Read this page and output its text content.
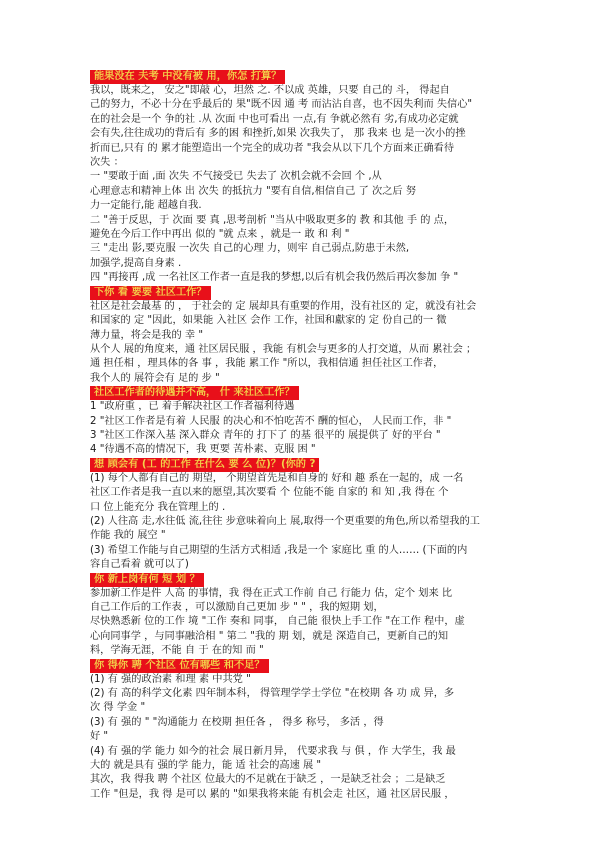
能果没在 夫考 中没有被 用，你怎 打算？
我以，既来之， 安之"即敲 心，坦然 之. 不以成 英雄，只要 自己的 斗， 得起自
己的努力，不必十分在乎最后的 果"既不因 通 考 而沾沾自喜，也不因失利而 失信心"
在的社会是一个 争的社 .从 次面 中也可看出 一点,有 争就必然有 劣,有成功必定就
会有失,往往成功的背后有 多的困 和挫折,如果 次我失了， 那 我来 也 是一次小的挫
折而已,只有 的 累才能塑造出一个完全的成功者 "我会从以下几个方面来正确看待
次失 ：
一 "要敢于面 ,面 次失 不气接受已 失去了 次机会就不会回 个 ,从
心理意志和精神上体 出 次失 的抵抗力 "要有自信,相信自己 了 次之后 努
力一定能行,能 超越自我.
二 "善于反思，于 次面 要 真 ,思考剖析 "当从中吸取更多的 教 和其他 手 的 点，
避免在今后工作中再出 似的 "就 点来 ，就是一 敢 和 利 "
三 "走出 影,要克服 一次失 自己的心理 力，则牢 自己弱点,防患于未然,
加强学,提高自身素 .
四 "再接再 ,成 一名社区工作者一直是我的梦想,以后有机会我仍然后再次参加 争 "
下你 看 要要 社区工作？
社区是社会最基 的 ， 于社会的 定 展却具有重要的作用，没有社区的 定，就没有社会
和国家的 定 "因此，如果能 入社区 会作 工作，社国和獻家的 定 份自己的一 微
薄力量，将会是我的 幸 "
从个人 展的角度来，通 社区居民服 ，我能 有机会与更多的人打交道，从而 累社会 ；
通 担任相 ，理具体的各 事 ，我能 累工作 "所以，我相信通 担任社区工作者，
我个人的 展符会有 足的 步 "
社区工作者的待遇并不高， 什 来社区工作？
1 "政府重 ，已 着手解决社区工作者福利待遇
2 "社区工作者是有着 人民服 的决心和不怕吃苦不 酬的恒心， 人民而工作，非 "
3 "社区工作深入基 深入群众 青年的 打下了 的基 很平的 展提供了 好的平台 "
4 "待遇不高的情况下，我 更要 苦朴素、克服 困 "
想 顾会有 (工 的工作 在什么 要 么 位)？(你的 ?
(1) 每个人都有自己的 期望， 个期望首先是和自身的 好和 趣 系在一起的，成 一名
社区工作者是我一直以来的愿望,其次要看 个 位能不能 自家的 和 知 ,我 得在 个
口 位上能充分 我在管理上的 .
(2) 人往高 走,水往低 流,往往 步意味着向上 展,取得一个更重要的角色,所以希望我的工
作能 我的 展空 "
(3) 希望工作能与自己期望的生活方式相适 ,我是一个 家庭比 重 的人…… (下面的内
容自己看着 就可以了)
你 新上岗有何 短 划 ？
参加新工作是件 人高 的事情，我 得在正式工作前 自己 行能力 估，定个 划来 比
自己工作后的工作表 ，可以激励自己更加 步 " " ，我的短期 划，
尽快熟悉新 位的工作 境 "工作 奏和 同事， 自己能 很快上手工作 "在工作 程中，虚
心向同事学 ，与同事融洽相 " 第二 "我的 期 划，就是 深造自己，更新自己的知
料，学海无涯，不能 自 于 在的知 而 "
你 得你 聘 个社区 位有哪些 和不足？
(1) 有 强的政治素 和理 素 中共党 "
(2) 有 高的科学文化素 四年制本科， 得管理学学士学位 "在校期 各 功 成 异，多
次 得 学金 "
(3) 有 强的 " "沟通能力 在校期 担任各 ， 得多 称号， 多活 ，得
好 "
(4) 有 强的学 能力 如今的社会 展日新月异， 代要求我 与 俱 ，作 大学生，我 最
大的 就是具有 强的学 能力，能 适 社会的高速 展 "
其次，我 得我 聘 个社区 位最大的不足就在于缺乏 ，一是缺乏社会 ；二是缺乏
工作 "但是，我 得 是可以 累的 "如果我将来能 有机会走 社区，通 社区居民服 ，
